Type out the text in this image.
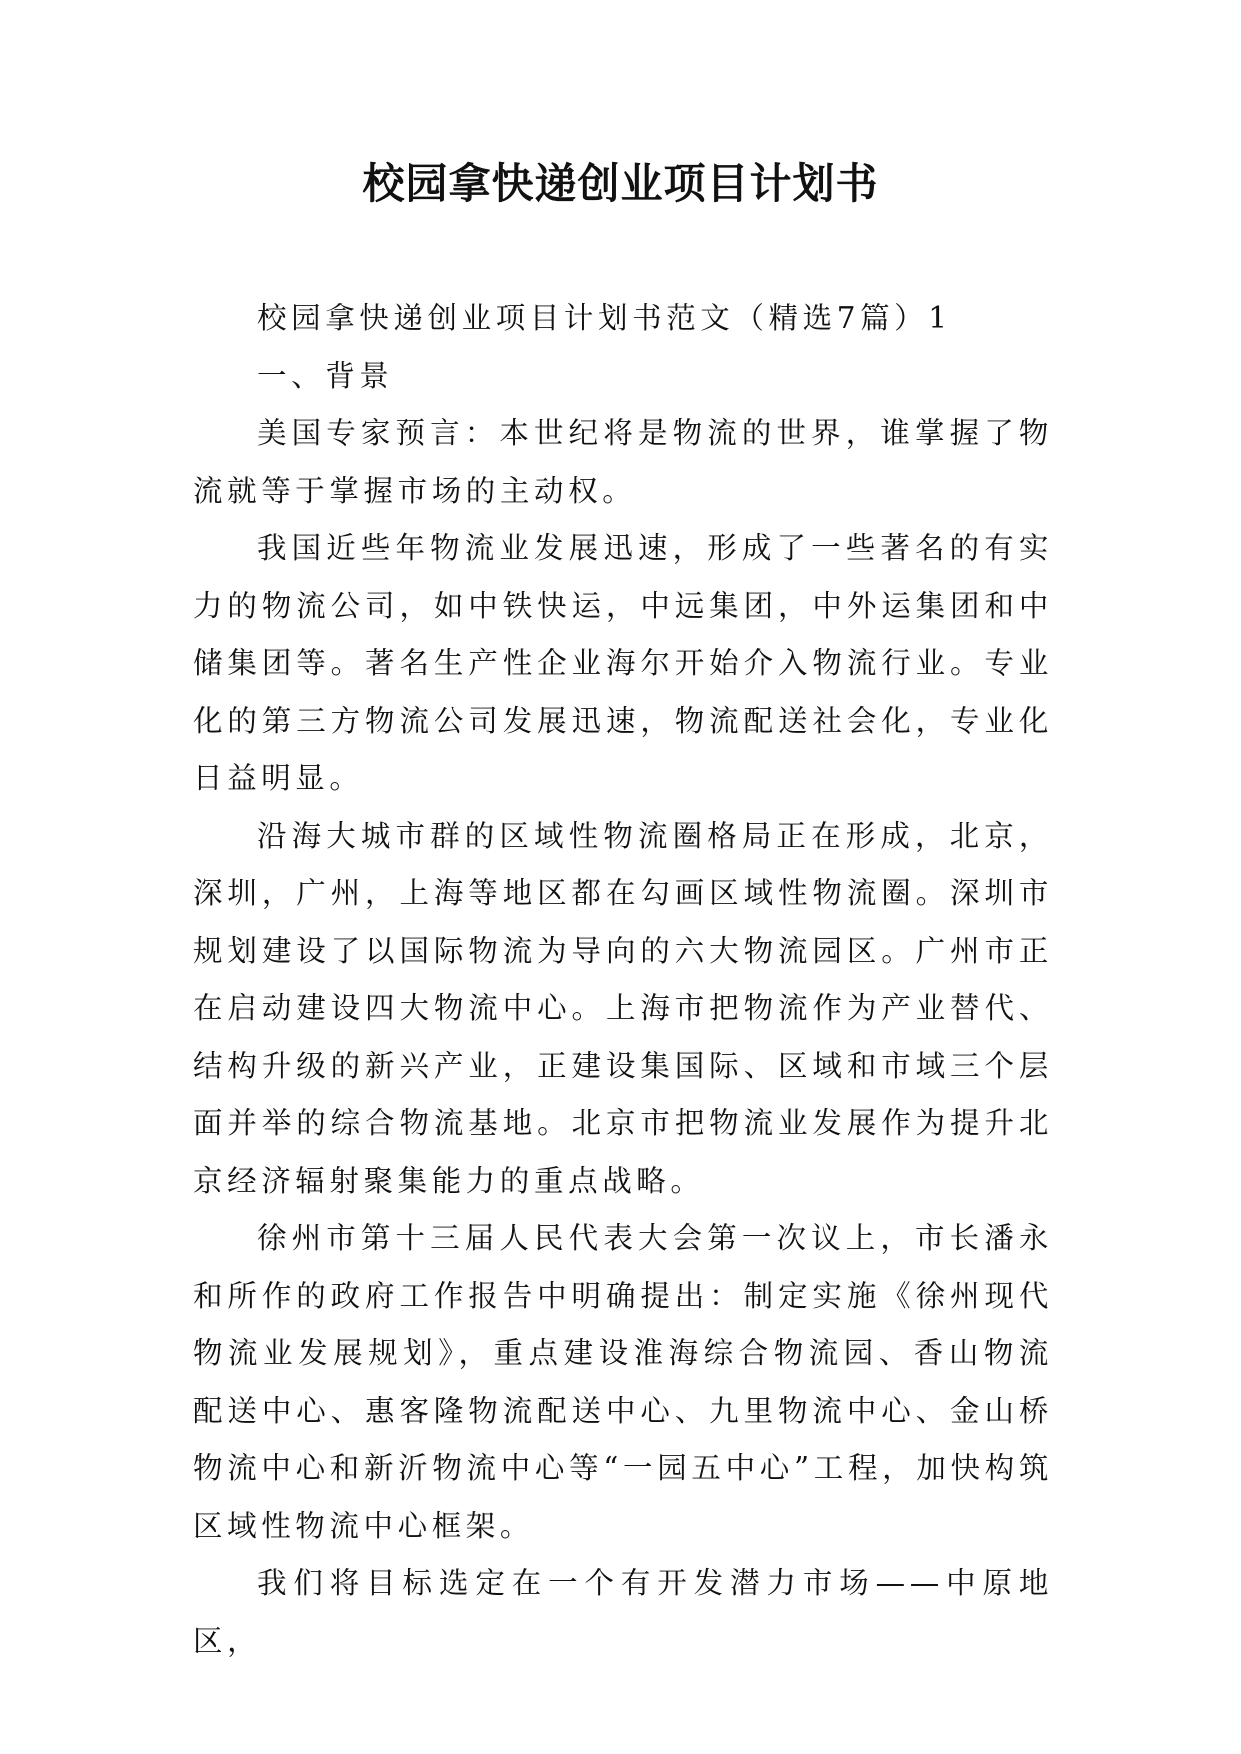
校园拿快递创业项目计划书

校园拿快递创业项目计划书范文（精选7篇）1

一、背景

美国专家预言：本世纪将是物流的世界，谁掌握了物流就等于掌握市场的主动权。

我国近些年物流业发展迅速，形成了一些著名的有实力的物流公司，如中铁快运，中远集团，中外运集团和中储集团等。著名生产性企业海尔开始介入物流行业。专业化的第三方物流公司发展迅速，物流配送社会化，专业化日益明显。

沿海大城市群的区域性物流圈格局正在形成，北京，深圳，广州，上海等地区都在勾画区域性物流圈。深圳市规划建设了以国际物流为导向的六大物流园区。广州市正在启动建设四大物流中心。上海市把物流作为产业替代、结构升级的新兴产业，正建设集国际、区域和市域三个层面并举的综合物流基地。北京市把物流业发展作为提升北京经济辐射聚集能力的重点战略。

徐州市第十三届人民代表大会第一次议上，市长潘永和所作的政府工作报告中明确提出：制定实施《徐州现代物流业发展规划》，重点建设淮海综合物流园、香山物流配送中心、惠客隆物流配送中心、九里物流中心、金山桥物流中心和新沂物流中心等“一园五中心”工程，加快构筑区域性物流中心框架。

我们将目标选定在一个有开发潜力市场——中原地区，
